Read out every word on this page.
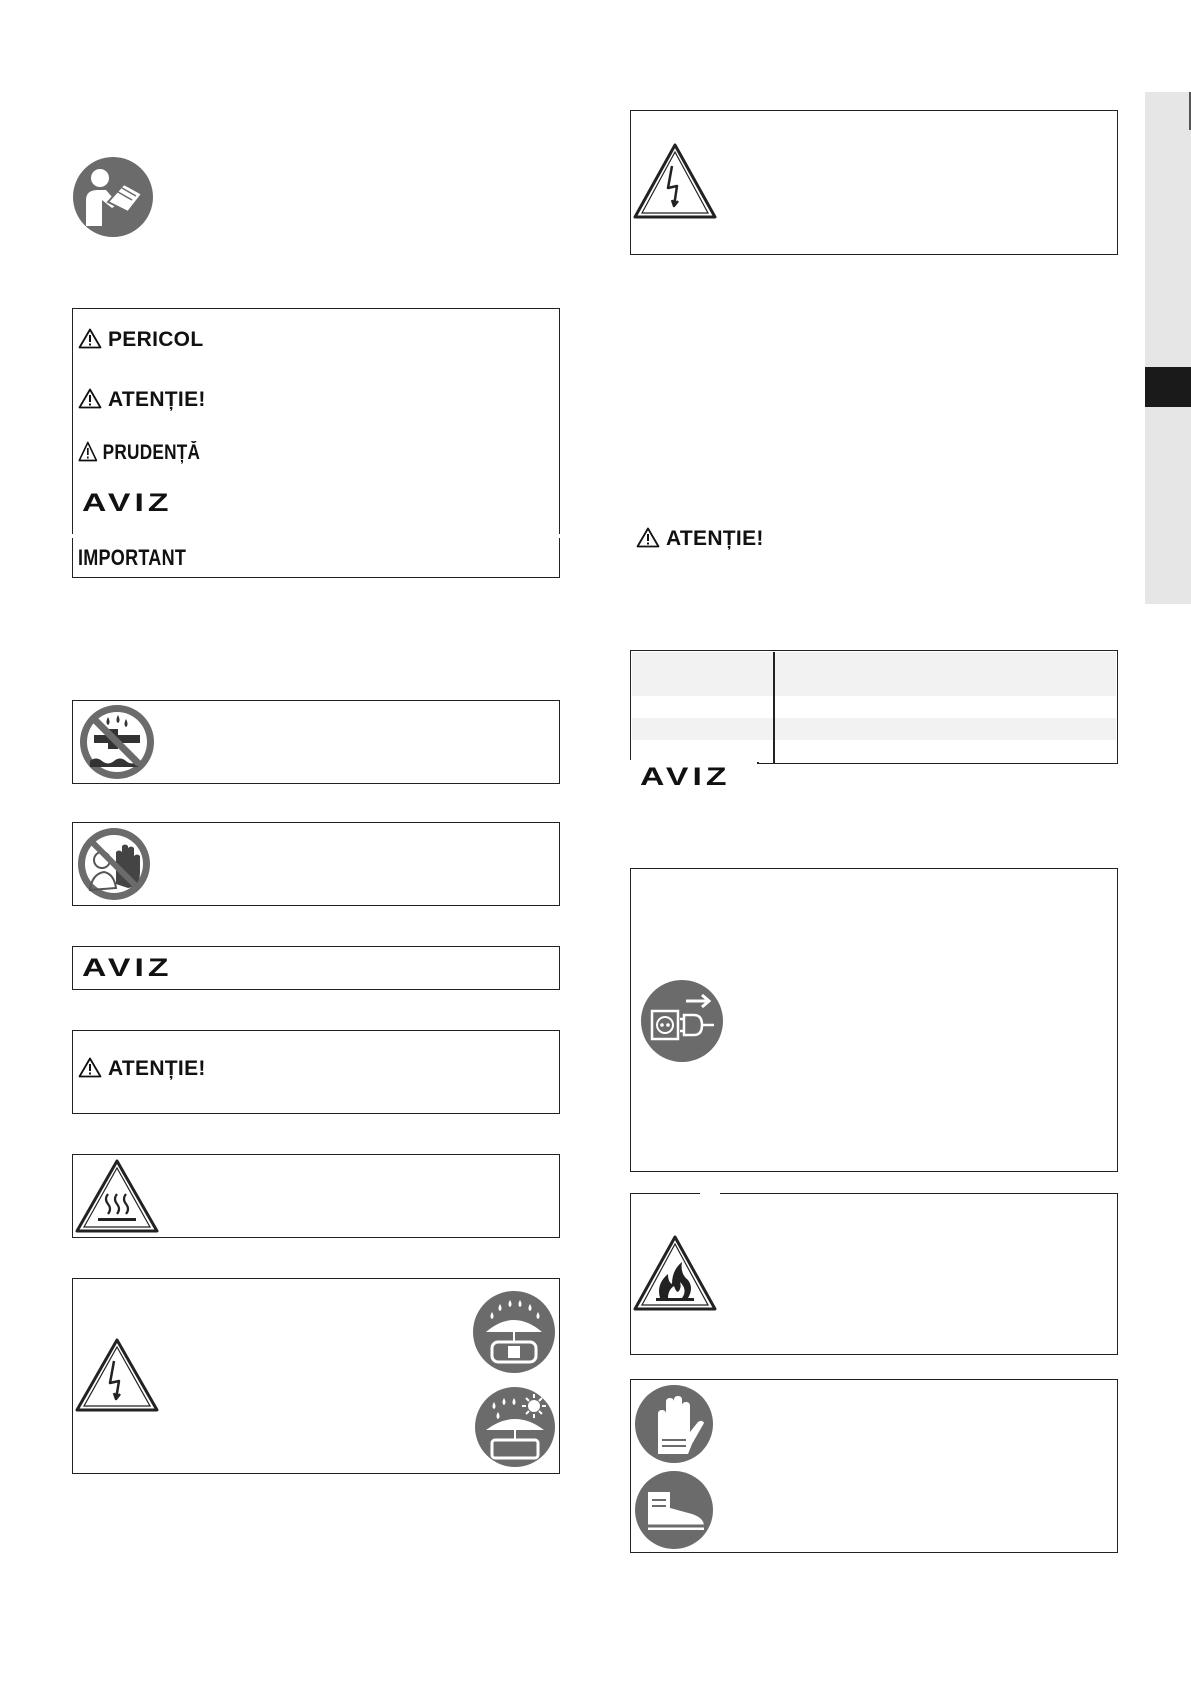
PERICOL
ATENȚIE!
PRUDENȚĂ
AVIZ
IMPORTANT
AVIZ
ATENȚIE!
ATENȚIE!
AVIZ
